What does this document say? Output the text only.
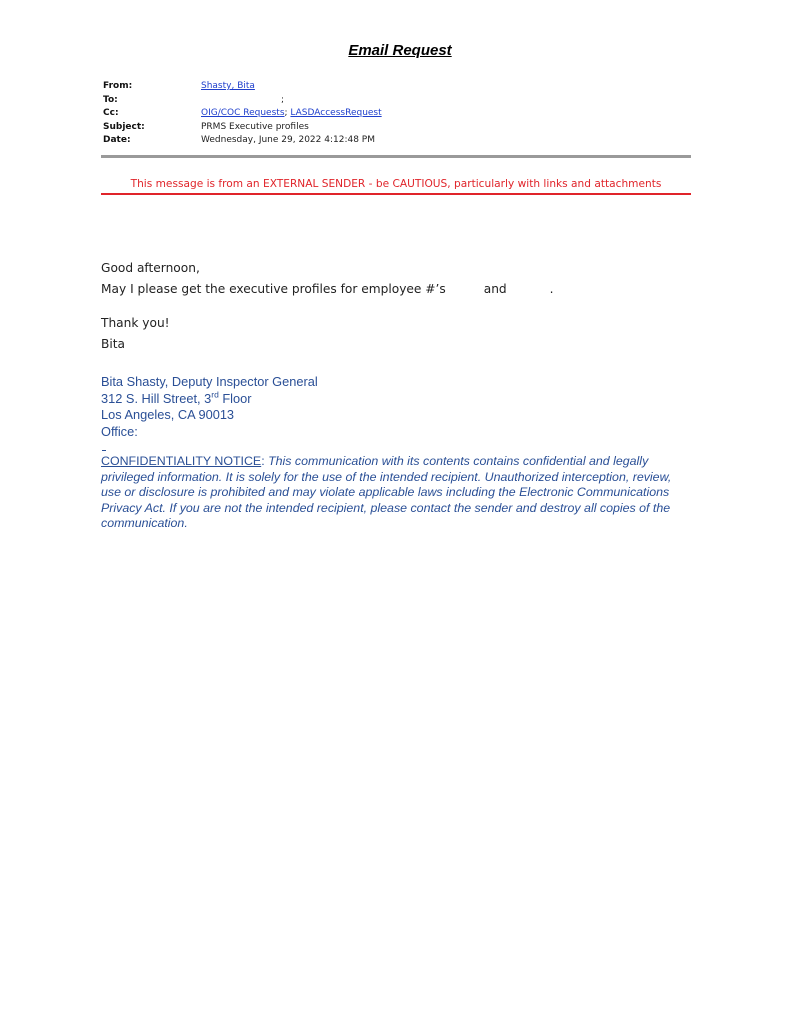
Email Request
From:	Shasty, Bita
To:	;
Cc:	OIG/COC Requests; LASDAccessRequest
Subject:	PRMS Executive profiles
Date:	Wednesday, June 29, 2022 4:12:48 PM
This message is from an EXTERNAL SENDER - be CAUTIOUS, particularly with links and attachments
Good afternoon,
May I please get the executive profiles for employee #’s	and	.
Thank you!
Bita
Bita Shasty, Deputy Inspector General
312 S. Hill Street, 3rd Floor
Los Angeles, CA 90013
Office:
CONFIDENTIALITY NOTICE: This communication with its contents contains confidential and legally privileged information. It is solely for the use of the intended recipient. Unauthorized interception, review, use or disclosure is prohibited and may violate applicable laws including the Electronic Communications Privacy Act. If you are not the intended recipient, please contact the sender and destroy all copies of the communication.
